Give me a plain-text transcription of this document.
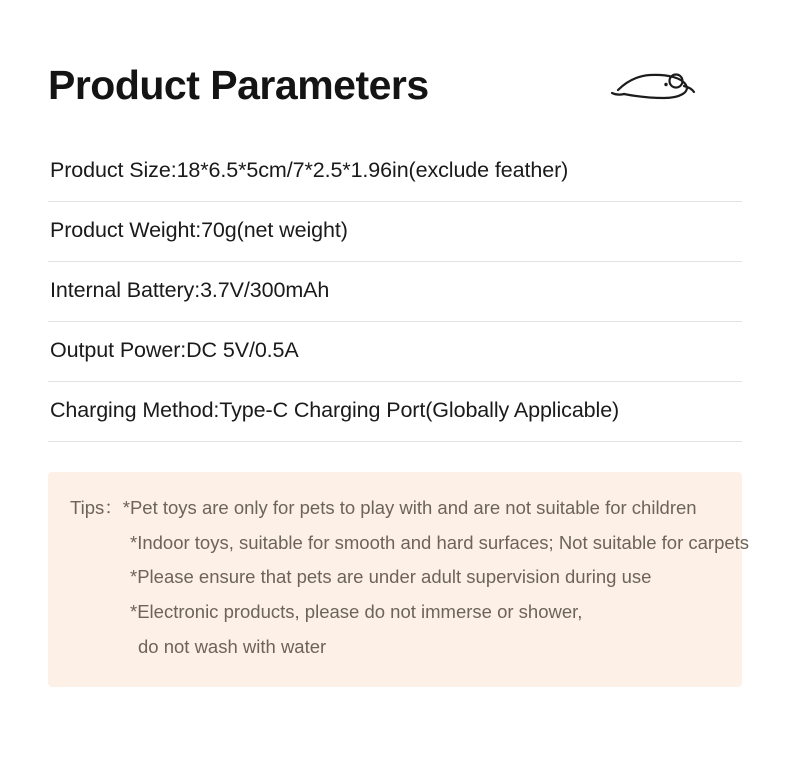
Product Parameters
Product Size:18*6.5*5cm/7*2.5*1.96in(exclude feather)
Product Weight:70g(net weight)
Internal Battery:3.7V/300mAh
Output Power:DC 5V/0.5A
Charging Method:Type-C Charging Port(Globally Applicable)
Tips： *Pet toys are only for pets to play with and are not suitable for children
*Indoor toys, suitable for smooth and hard surfaces; Not suitable for carpets
*Please ensure that pets are under adult supervision during use
*Electronic products, please do not immerse or shower,
do not wash with water
